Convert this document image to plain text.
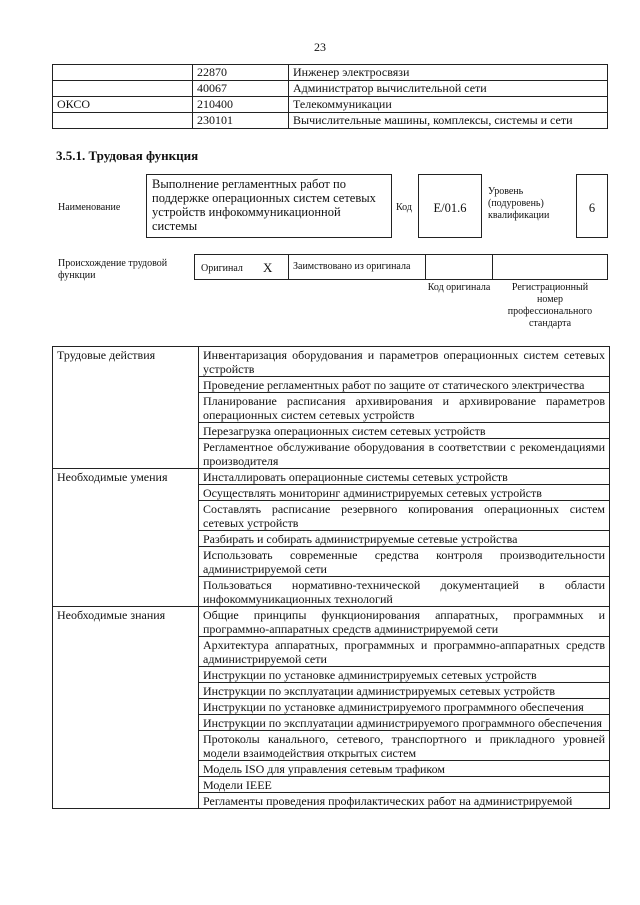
23
	22870	Инженер электросвязи
	40067	Администратор вычислительной сети
ОКСО	210400	Телекоммуникации
	230101	Вычислительные машины, комплексы, системы и сети
3.5.1. Трудовая функция
Наименование
Выполнение регламентных работ по поддержке операционных систем сетевых устройств инфокоммуникационной системы
Код	E/01.6
Уровень (подуровень) квалификации
6
Происхождение трудовой функции
Оригинал X	Заимствовано из оригинала
Код оригинала	Регистрационный номер профессионального стандарта
Трудовые действия	Инвентаризация оборудования и параметров операционных систем сетевых устройств
	Проведение регламентных работ по защите от статического электричества
	Планирование расписания архивирования и архивирование параметров операционных систем сетевых устройств
	Перезагрузка операционных систем сетевых устройств
	Регламентное обслуживание оборудования в соответствии с рекомендациями производителя
Необходимые умения	Инсталлировать операционные системы сетевых устройств
	Осуществлять мониторинг администрируемых сетевых устройств
	Составлять расписание резервного копирования операционных систем сетевых устройств
	Разбирать и собирать администрируемые сетевые устройства
	Использовать современные средства контроля производительности администрируемой сети
	Пользоваться нормативно-технической документацией в области инфокоммуникационных технологий
Необходимые знания	Общие принципы функционирования аппаратных, программных и программно-аппаратных средств администрируемой сети
	Архитектура аппаратных, программных и программно-аппаратных средств администрируемой сети
	Инструкции по установке администрируемых сетевых устройств
	Инструкции по эксплуатации администрируемых сетевых устройств
	Инструкции по установке администрируемого программного обеспечения
	Инструкции по эксплуатации администрируемого программного обеспечения
	Протоколы канального, сетевого, транспортного и прикладного уровней модели взаимодействия открытых систем
	Модель ISO для управления сетевым трафиком
	Модели IEEE
	Регламенты проведения профилактических работ на администрируемой
